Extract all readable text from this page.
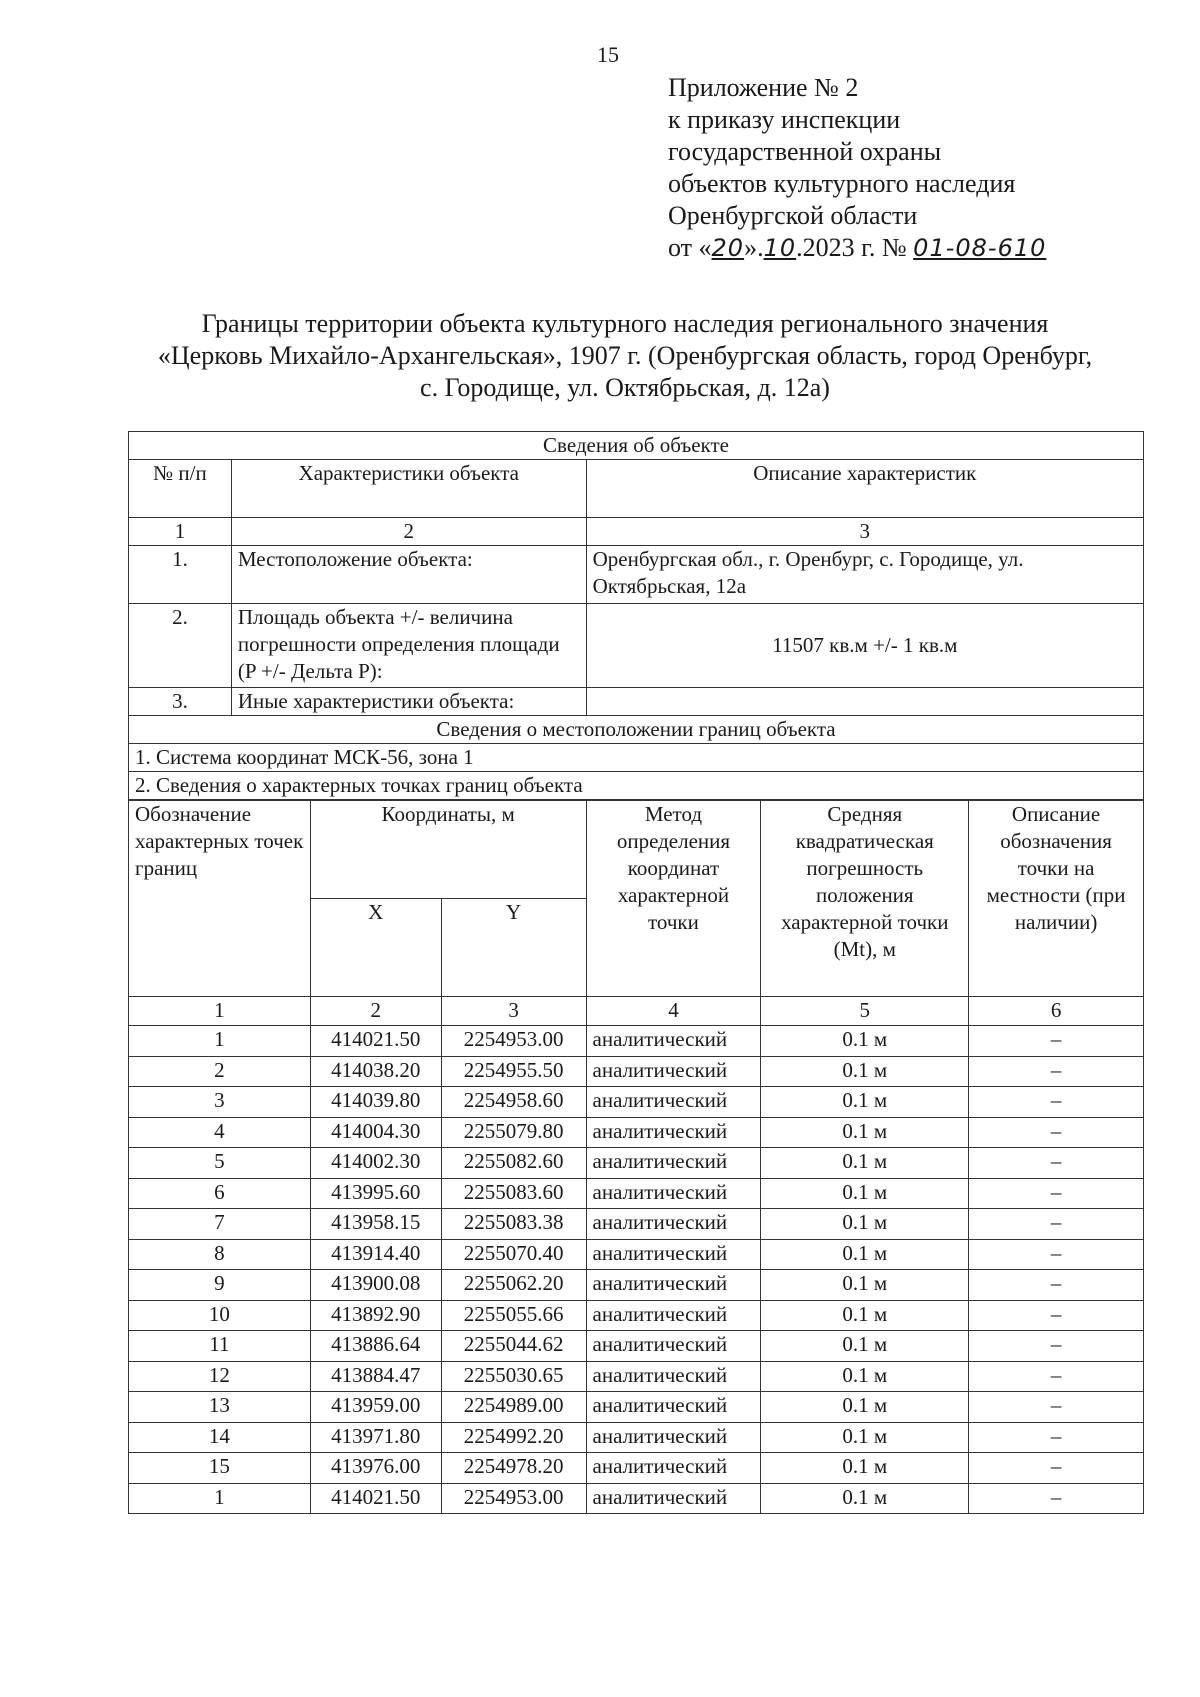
15
Приложение № 2
к приказу инспекции
государственной охраны
объектов культурного наследия
Оренбургской области
от «20».10.2023 г. № 01-08-610
Границы территории объекта культурного наследия регионального значения
«Церковь Михайло-Архангельская», 1907 г. (Оренбургская область, город Оренбург,
с. Городище, ул. Октябрьская, д. 12а)
Сведения об объекте		
№ п/п	Характеристики объекта	Описание характеристик
1	2	3
1.	Местоположение объекта:	Оренбургская обл., г. Оренбург, с. Городище, ул. Октябрьская, 12а
2.	Площадь объекта +/- величина погрешности определения площади (P +/- Дельта P):	11507 кв.м +/- 1 кв.м
3.	Иные характеристики объекта:	
Сведения о местоположении границ объекта		
1. Система координат МСК-56, зона 1		
2. Сведения о характерных точках границ объекта		
Обозначение характерных точек границ	Координаты, м		Метод определения координат характерной точки	Средняя квадратическая погрешность положения характерной точки (Mt), м	Описание обозначения точки на местности (при наличии)
	X	Y			
1	2	3	4	5	6
1	414021.50	2254953.00	аналитический	0.1 м	–
2	414038.20	2254955.50	аналитический	0.1 м	–
3	414039.80	2254958.60	аналитический	0.1 м	–
4	414004.30	2255079.80	аналитический	0.1 м	–
5	414002.30	2255082.60	аналитический	0.1 м	–
6	413995.60	2255083.60	аналитический	0.1 м	–
7	413958.15	2255083.38	аналитический	0.1 м	–
8	413914.40	2255070.40	аналитический	0.1 м	–
9	413900.08	2255062.20	аналитический	0.1 м	–
10	413892.90	2255055.66	аналитический	0.1 м	–
11	413886.64	2255044.62	аналитический	0.1 м	–
12	413884.47	2255030.65	аналитический	0.1 м	–
13	413959.00	2254989.00	аналитический	0.1 м	–
14	413971.80	2254992.20	аналитический	0.1 м	–
15	413976.00	2254978.20	аналитический	0.1 м	–
1	414021.50	2254953.00	аналитический	0.1 м	–
